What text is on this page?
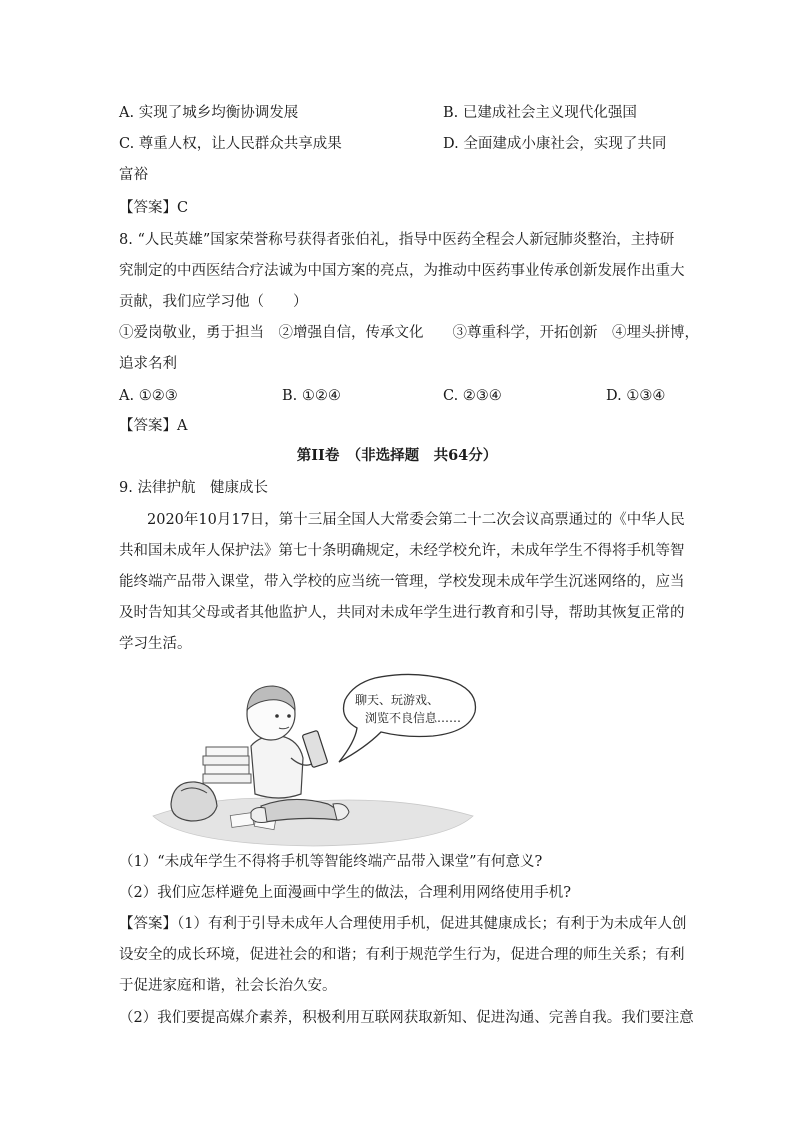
A. 实现了城乡均衡协调发展	B. 已建成社会主义现代化强国
C. 尊重人权，让人民群众共享成果	D. 全面建成小康社会，实现了共同
富裕
【答案】C
8. “人民英雄”国家荣誉称号获得者张伯礼，指导中医药全程会人新冠肺炎整治，主持研
究制定的中西医结合疗法诚为中国方案的亮点，为推动中医药事业传承创新发展作出重大
贡献，我们应学习他（　　）
①爱岗敬业，勇于担当　②增强自信，传承文化　　③尊重科学，开拓创新　④埋头拼博，
追求名利
A. ①②③	B. ①②④	C. ②③④	D. ①③④
【答案】A
第II卷　（非选择题　共64分）
9. 法律护航　健康成长
2020年10月17日，第十三届全国人大常委会第二十二次会议高票通过的《中华人民
共和国未成年人保护法》第七十条明确规定，未经学校允许，未成年学生不得将手机等智
能终端产品带入课堂，带入学校的应当统一管理，学校发现未成年学生沉迷网络的，应当
及时告知其父母或者其他监护人，共同对未成年学生进行教育和引导，帮助其恢复正常的
学习生活。
聊天、玩游戏、
浏览不良信息……
（1）“未成年学生不得将手机等智能终端产品带入课堂”有何意义?
（2）我们应怎样避免上面漫画中学生的做法，合理利用网络使用手机?
【答案】（1）有利于引导未成年人合理使用手机，促进其健康成长；有利于为未成年人创
设安全的成长环境，促进社会的和谐；有利于规范学生行为，促进合理的师生关系；有利
于促进家庭和谐，社会长治久安。
（2）我们要提高媒介素养，积极利用互联网获取新知、促进沟通、完善自我。我们要注意
